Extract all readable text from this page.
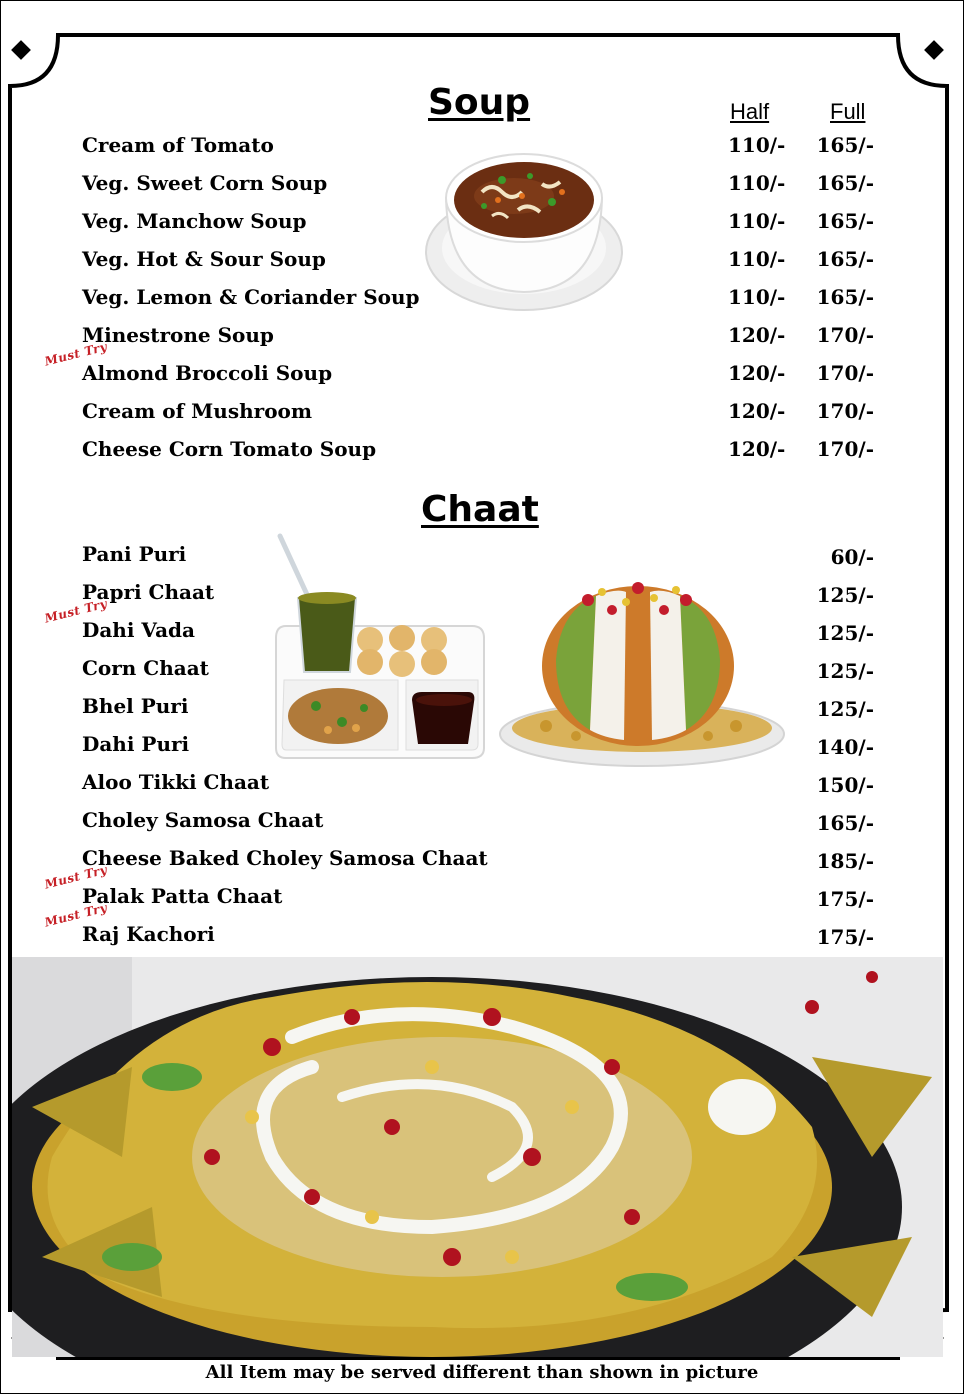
Soup	Half	Full
Cream of Tomato	110/- 165/-
Veg. Sweet Corn Soup	110/- 165/-
Veg. Manchow Soup	110/- 165/-
Veg. Hot & Sour Soup	110/- 165/-
Veg. Lemon & Coriander Soup	110/- 165/-
Minestrone Soup	120/- 170/-
Must Try
Almond Broccoli Soup	120/- 170/-
Cream of Mushroom	120/- 170/-
Cheese Corn Tomato Soup	120/- 170/-
Chaat
Pani Puri	60/-
Papri Chaat	125/-
Must Try
Dahi Vada	125/-
Corn Chaat	125/-
Bhel Puri	125/-
Dahi Puri	140/-
Aloo Tikki Chaat	150/-
Choley Samosa Chaat	165/-
Cheese Baked Choley Samosa Chaat	185/-
Must Try
Palak Patta Chaat	175/-
Must Try
Raj Kachori	175/-
All Item may be served different than shown in picture
